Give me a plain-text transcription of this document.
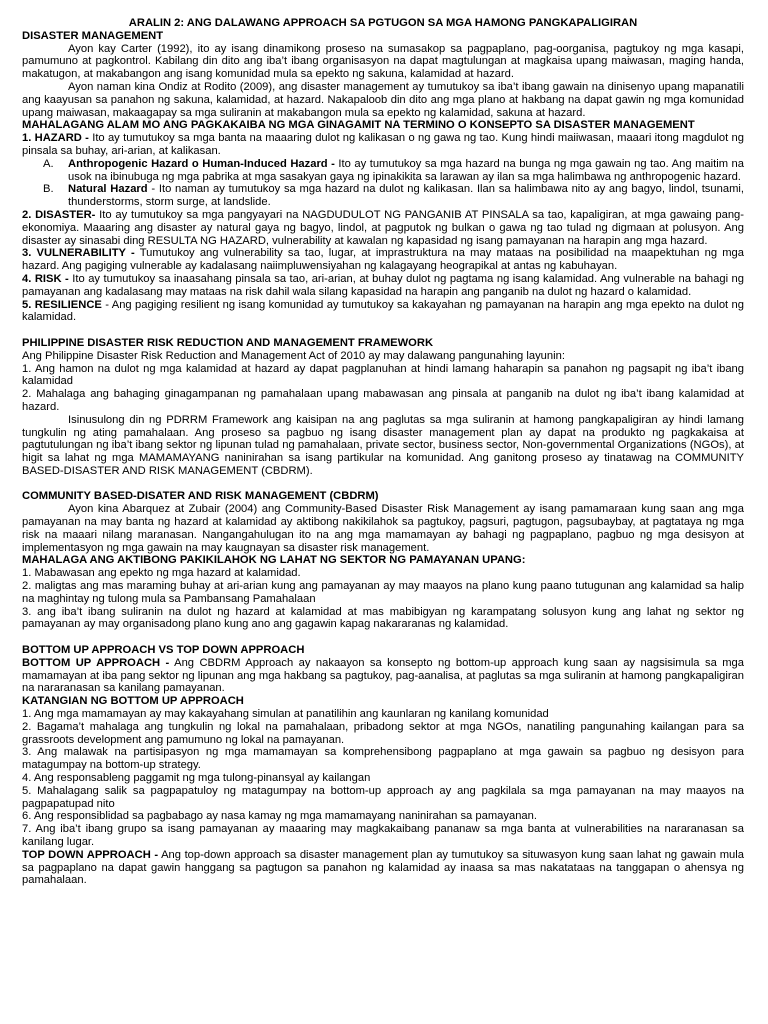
ARALIN 2: ANG DALAWANG APPROACH SA PGTUGON SA MGA HAMONG PANGKAPALIGIRAN
DISASTER MANAGEMENT
Ayon kay Carter (1992), ito ay isang dinamikong proseso na sumasakop sa pagpaplano, pag-oorganisa, pagtukoy ng mga kasapi, pamumuno at pagkontrol. Kabilang din dito ang iba’t ibang organisasyon na dapat magtulungan at magkaisa upang maiwasan, maging handa, makatugon, at makabangon ang isang komunidad mula sa epekto ng sakuna, kalamidad at hazard.
Ayon naman kina Ondiz at Rodito (2009), ang disaster management ay tumutukoy sa iba’t ibang gawain na dinisenyo upang mapanatili ang kaayusan sa panahon ng sakuna, kalamidad, at hazard. Nakapaloob din dito ang mga plano at hakbang na dapat gawin ng mga komunidad upang maiwasan, makaagapay sa mga suliranin at makabangon mula sa epekto ng kalamidad, sakuna at hazard.
MAHALAGANG ALAM MO ANG PAGKAKAIBA NG MGA GINAGAMIT NA TERMINO O KONSEPTO SA DISASTER MANAGEMENT
1. HAZARD - Ito ay tumutukoy sa mga banta na maaaring dulot ng kalikasan o ng gawa ng tao. Kung hindi maiiwasan, maaari itong magdulot ng pinsala sa buhay, ari-arian, at kalikasan.
A.	Anthropogenic Hazard o Human-Induced Hazard - Ito ay tumutukoy sa mga hazard na bunga ng mga gawain ng tao. Ang maitim na usok na ibinubuga ng mga pabrika at mga sasakyan gaya ng ipinakikita sa larawan ay ilan sa mga halimbawa ng anthropogenic hazard.
B.	Natural Hazard - Ito naman ay tumutukoy sa mga hazard na dulot ng kalikasan. Ilan sa halimbawa nito ay ang bagyo, lindol, tsunami, thunderstorms, storm surge, at landslide.
2. DISASTER- Ito ay tumutukoy sa mga pangyayari na NAGDUDULOT NG PANGANIB AT PINSALA sa tao, kapaligiran, at mga gawaing pang-ekonomiya. Maaaring ang disaster ay natural gaya ng bagyo, lindol, at pagputok ng bulkan o gawa ng tao tulad ng digmaan at polusyon. Ang disaster ay sinasabi ding RESULTA NG HAZARD, vulnerability at kawalan ng kapasidad ng isang pamayanan na harapin ang mga hazard.
3. VULNERABILITY - Tumutukoy ang vulnerability sa tao, lugar, at imprastruktura na may mataas na posibilidad na maapektuhan ng mga hazard. Ang pagiging vulnerable ay kadalasang naiimpluwensiyahan ng kalagayang heograpikal at antas ng kabuhayan.
4. RISK - Ito ay tumutukoy sa inaasahang pinsala sa tao, ari-arian, at buhay dulot ng pagtama ng isang kalamidad. Ang vulnerable na bahagi ng pamayanan ang kadalasang may mataas na risk dahil wala silang kapasidad na harapin ang panganib na dulot ng hazard o kalamidad.
5. RESILIENCE - Ang pagiging resilient ng isang komunidad ay tumutukoy sa kakayahan ng pamayanan na harapin ang mga epekto na dulot ng kalamidad.
PHILIPPINE DISASTER RISK REDUCTION AND MANAGEMENT FRAMEWORK
Ang Philippine Disaster Risk Reduction and Management Act of 2010 ay may dalawang pangunahing layunin:
1. Ang hamon na dulot ng mga kalamidad at hazard ay dapat pagplanuhan at hindi lamang haharapin sa panahon ng pagsapit ng iba’t ibang kalamidad
2. Mahalaga ang bahaging ginagampanan ng pamahalaan upang mabawasan ang pinsala at panganib na dulot ng iba’t ibang kalamidad at hazard.
Isinusulong din ng PDRRM Framework ang kaisipan na ang paglutas sa mga suliranin at hamong pangkapaligiran ay hindi lamang tungkulin ng ating pamahalaan. Ang proseso sa pagbuo ng isang disaster management plan ay dapat na produkto ng pagkakaisa at pagtutulungan ng iba’t ibang sektor ng lipunan tulad ng pamahalaan, private sector, business sector, Non-governmental Organizations (NGOs), at higit sa lahat ng mga MAMAMAYANG naninirahan sa isang partikular na komunidad. Ang ganitong proseso ay tinatawag na COMMUNITY BASED-DISASTER AND RISK MANAGEMENT (CBDRM).
COMMUNITY BASED-DISATER AND RISK MANAGEMENT (CBDRM)
Ayon kina Abarquez at Zubair (2004) ang Community-Based Disaster Risk Management ay isang pamamaraan kung saan ang mga pamayanan na may banta ng hazard at kalamidad ay aktibong nakikilahok sa pagtukoy, pagsuri, pagtugon, pagsubaybay, at pagtataya ng mga risk na maaari nilang maranasan. Nangangahulugan ito na ang mga mamamayan ay bahagi ng pagpaplano, pagbuo ng mga desisyon at implementasyon ng mga gawain na may kaugnayan sa disaster risk management.
MAHALAGA ANG AKTIBONG PAKIKILAHOK NG LAHAT NG SEKTOR NG PAMAYANAN UPANG:
1. Mabawasan ang epekto ng mga hazard at kalamidad.
2. maligtas ang mas maraming buhay at ari-arian kung ang pamayanan ay may maayos na plano kung paano tutugunan ang kalamidad sa halip na maghintay ng tulong mula sa Pambansang Pamahalaan
3. ang iba’t ibang suliranin na dulot ng hazard at kalamidad at mas mabibigyan ng karampatang solusyon kung ang lahat ng sektor ng pamayanan ay may organisadong plano kung ano ang gagawin kapag nakararanas ng kalamidad.
BOTTOM UP APPROACH VS TOP DOWN APPROACH
BOTTOM UP APPROACH - Ang CBDRM Approach ay nakaayon sa konsepto ng bottom-up approach kung saan ay nagsisimula sa mga mamamayan at iba pang sektor ng lipunan ang mga hakbang sa pagtukoy, pag-aanalisa, at paglutas sa mga suliranin at hamong pangkapaligiran na nararanasan sa kanilang pamayanan.
KATANGIAN NG BOTTOM UP APPROACH
1. Ang mga mamamayan ay may kakayahang simulan at panatilihin ang kaunlaran ng kanilang komunidad
2. Bagama’t mahalaga ang tungkulin ng lokal na pamahalaan, pribadong sektor at mga NGOs, nanatiling pangunahing kailangan para sa grassroots development ang pamumuno ng lokal na pamayanan.
3. Ang malawak na partisipasyon ng mga mamamayan sa komprehensibong pagpaplano at mga gawain sa pagbuo ng desisyon para matagumpay na bottom-up strategy.
4. Ang responsableng paggamit ng mga tulong-pinansyal ay kailangan
5. Mahalagang salik sa pagpapatuloy ng matagumpay na bottom-up approach ay ang pagkilala sa mga pamayanan na may maayos na pagpapatupad nito
6. Ang responsiblidad sa pagbabago ay nasa kamay ng mga mamamayang naninirahan sa pamayanan.
7. Ang iba’t ibang grupo sa isang pamayanan ay maaaring may magkakaibang pananaw sa mga banta at vulnerabilities na nararanasan sa kanilang lugar.
TOP DOWN APPROACH - Ang top-down approach sa disaster management plan ay tumutukoy sa situwasyon kung saan lahat ng gawain mula sa pagpaplano na dapat gawin hanggang sa pagtugon sa panahon ng kalamidad ay inaasa sa mas nakatataas na tanggapan o ahensya ng pamahalaan.
